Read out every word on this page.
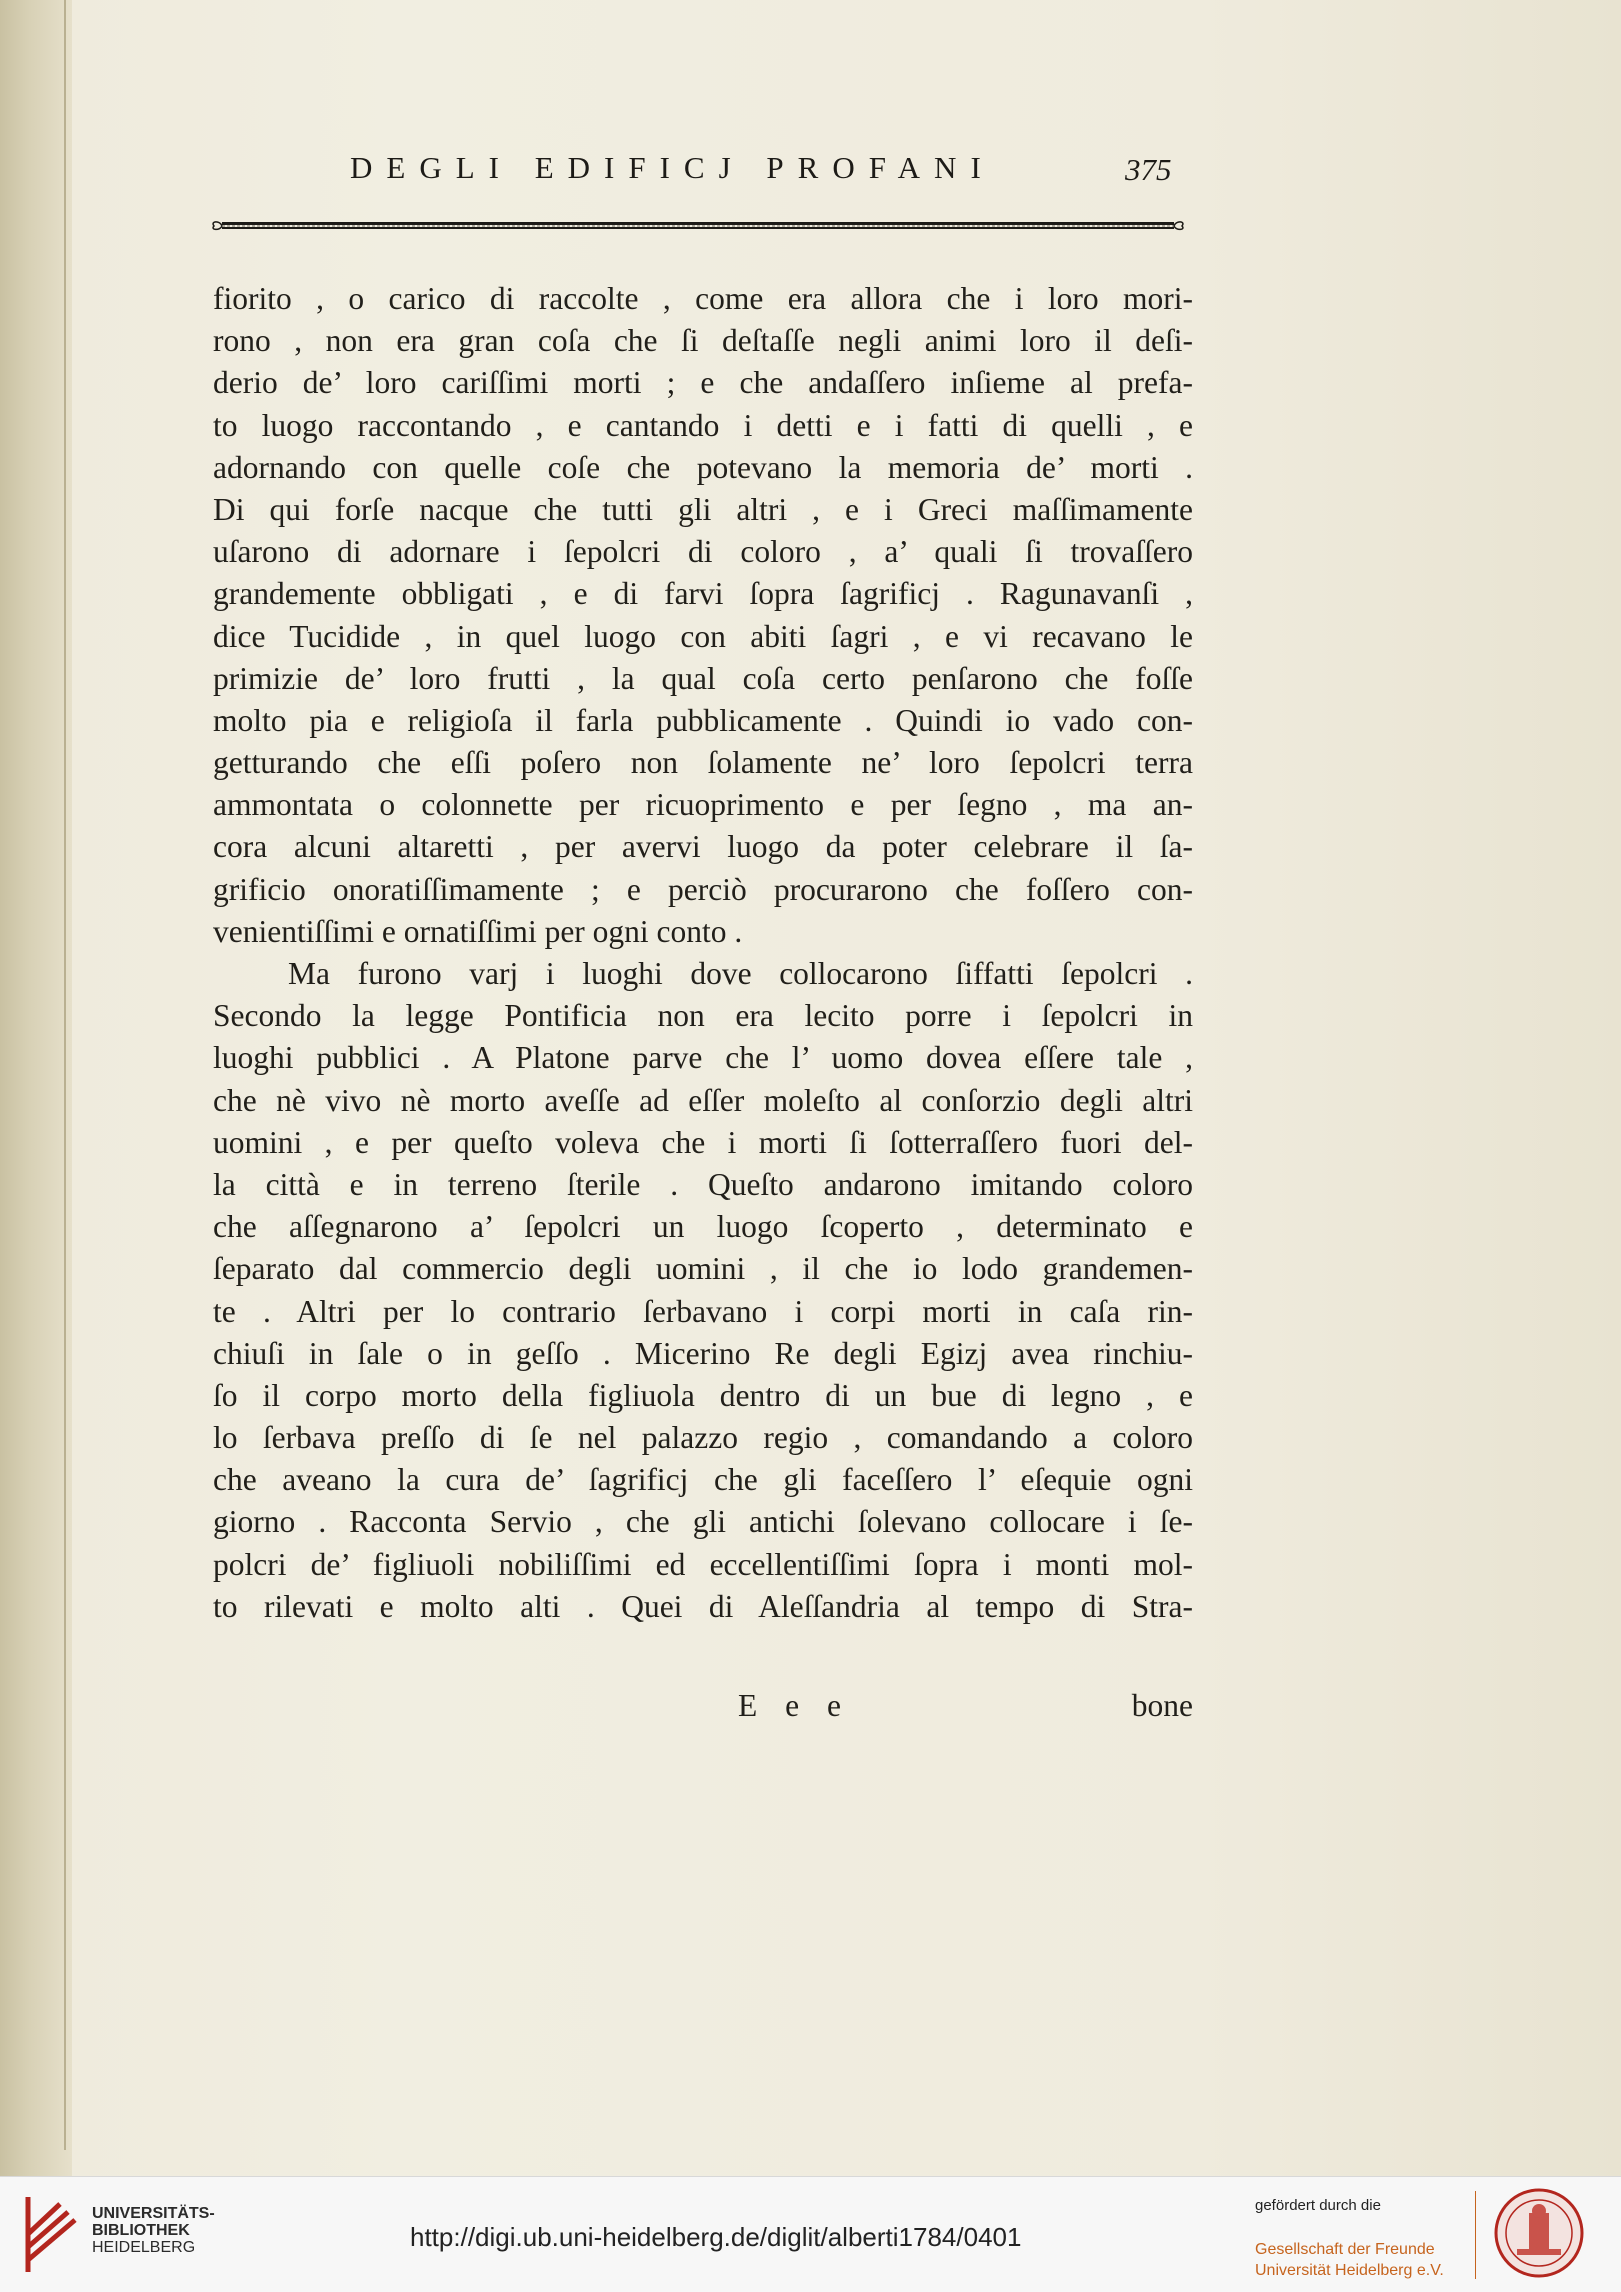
DEGLI EDIFICJ PROFANI	375
fiorito , o carico di raccolte , come era allora che i loro mori-
rono , non era gran coſa che ſi deſtaſſe negli animi loro il deſi-
derio de’ loro cariſſimi morti ; e che andaſſero inſieme al prefa-
to luogo raccontando , e cantando i detti e i fatti di quelli , e
adornando con quelle coſe che potevano la memoria de’ morti .
Di qui forſe nacque che tutti gli altri , e i Greci maſſimamente
uſarono di adornare i ſepolcri di coloro , a’ quali ſi trovaſſero
grandemente obbligati , e di farvi ſopra ſagrificj . Ragunavanſi ,
dice Tucidide , in quel luogo con abiti ſagri , e vi recavano le
primizie de’ loro frutti , la qual coſa certo penſarono che foſſe
molto pia e religioſa il farla pubblicamente . Quindi io vado con-
getturando che eſſi poſero non ſolamente ne’ loro ſepolcri terra
ammontata o colonnette per ricuoprimento e per ſegno , ma an-
cora alcuni altaretti , per avervi luogo da poter celebrare il ſa-
grificio onoratiſſimamente ; e perciò procurarono che foſſero con-
venientiſſimi e ornatiſſimi per ogni conto .
Ma furono varj i luoghi dove collocarono ſiffatti ſepolcri .
Secondo la legge Pontificia non era lecito porre i ſepolcri in
luoghi pubblici . A Platone parve che l’ uomo dovea eſſere tale ,
che nè vivo nè morto aveſſe ad eſſer moleſto al conſorzio degli altri
uomini , e per queſto voleva che i morti ſi ſotterraſſero fuori del-
la città e in terreno ſterile . Queſto andarono imitando coloro
che aſſegnarono a’ ſepolcri un luogo ſcoperto , determinato e
ſeparato dal commercio degli uomini , il che io lodo grandemen-
te . Altri per lo contrario ſerbavano i corpi morti in caſa rin-
chiuſi in ſale o in geſſo . Micerino Re degli Egizj avea rinchiu-
ſo il corpo morto della figliuola dentro di un bue di legno , e
lo ſerbava preſſo di ſe nel palazzo regio , comandando a coloro
che aveano la cura de’ ſagrificj che gli faceſſero l’ eſequie ogni
giorno . Racconta Servio , che gli antichi ſolevano collocare i ſe-
polcri de’ figliuoli nobiliſſimi ed eccellentiſſimi ſopra i monti mol-
to rilevati e molto alti . Quei di Aleſſandria al tempo di Stra-
E e e	bone
UNIVERSITÄTS-
BIBLIOTHEK
HEIDELBERG	http://digi.ub.uni-heidelberg.de/diglit/alberti1784/0401
gefördert durch die
Gesellschaft der Freunde
Universität Heidelberg e.V.
